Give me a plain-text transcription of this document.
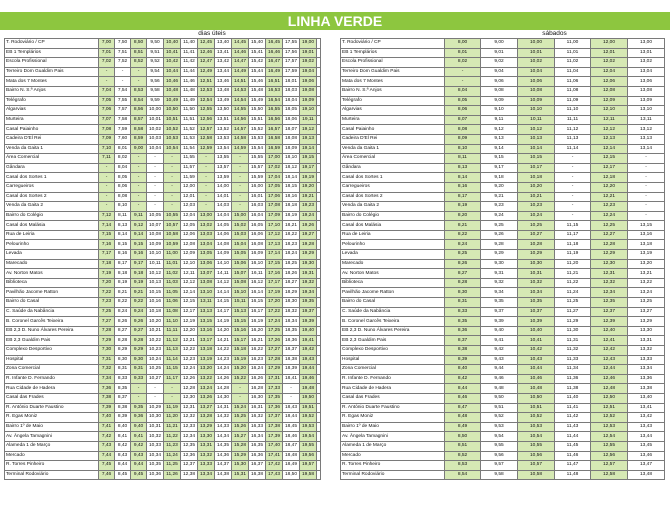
LINHA VERDE
dias úteis	sábados
T. Rodoviário / CP	7,00	7,50	8,50	9,50	10,40	11,40	12,45	13,40	14,45	15,40	16,45	17,55	19,00	
EB 1 Templários	7,01	7,51	8,51	9,51	10,41	11,41	12,46	13,41	14,46	15,41	16,46	17,56	19,01	
Escola Profissional	7,02	7,52	8,52	9,52	10,42	11,42	12,47	13,42	14,47	15,42	16,47	17,57	19,02	
Terreiro Dom Gualdim Pais	-	-	-	9,54	10,44	11,44	12,49	13,44	14,49	15,44	16,49	17,59	19,04	
Mata dos 7 Montes	-	-	-	9,56	10,46	11,46	12,51	13,46	14,51	15,46	16,51	18,01	19,06	
Bairro N. S.ª Anjos	7,04	7,54	8,53	9,58	10,48	11,48	12,53	13,48	14,53	15,48	16,53	18,03	19,08	
Telégrafo	7,05	7,55	8,54	9,59	10,49	11,49	12,54	13,49	14,54	15,49	16,54	18,04	19,09	
Algarvias	7,06	7,57	8,56	10,00	10,50	11,50	12,55	13,50	14,55	15,50	16,55	18,05	19,10	
Murteira	7,07	7,58	8,57	10,01	10,51	11,51	12,56	13,51	14,56	15,51	16,56	18,06	19,11	
Casal Paiainho	7,08	7,59	8,58	10,02	10,52	11,52	12,57	13,52	14,57	15,52	16,57	18,07	19,12	
Cadeira D'El Rei	7,09	7,60	8,59	10,03	10,53	11,53	12,58	13,53	14,58	15,53	16,58	18,08	19,13	
Venda da Gaita 1	7,10	8,01	9,00	10,04	10,54	11,54	12,59	13,54	14,59	15,54	16,59	18,09	19,14	
Área Comercial	7,11	8,02	-	-	-	11,55	-	13,55	-	15,55	17,00	18,10	19,15	
Gândara	-	8,04	-	-	-	11,57	-	13,57	-	15,57	17,02	18,12	19,17	
Casal dos Sortes 1	-	8,05	-	-	-	11,59	-	13,59	-	15,59	17,04	18,14	19,19	
Carregueiros	-	8,06	-	-	-	12,00	-	14,00	-	16,00	17,05	18,15	19,20	
Casal dos Sortes 2	-	8,08	-	-	-	12,01	-	14,01	-	16,01	17,06	18,16	19,21	
Venda da Gaita 2	-	8,10	-	-	-	12,03	-	14,03	-	16,03	17,08	18,18	19,23	
Bairro do Colégio	7,12	8,11	9,11	10,05	10,55	12,04	13,00	14,04	15,00	16,04	17,09	18,19	19,24	
Casal dos Malásia	7,14	8,13	9,12	10,07	10,57	12,05	13,02	14,05	15,02	16,05	17,10	18,21	19,26	
Rua de Leiria	7,15	8,14	9,14	10,08	10,58	12,06	13,03	14,06	15,03	16,06	17,12	18,22	19,27	
Pelourinho	7,16	8,15	9,15	10,09	10,59	12,08	13,04	14,08	15,04	16,08	17,13	18,23	19,28	
Levada	7,17	8,16	9,16	10,10	11,00	12,09	13,05	14,09	15,05	16,09	17,14	18,24	19,29	
Marecado	7,18	8,17	9,17	10,11	11,01	12,10	13,06	14,10	15,06	16,10	17,15	18,25	19,30	
Av. Norton Matos	7,19	8,18	9,18	10,12	11,02	12,11	13,07	14,11	15,07	16,11	17,16	18,26	19,31	
Biblioteca	7,20	8,19	9,19	10,13	11,03	12,12	13,08	14,12	15,08	16,12	17,17	18,27	19,32	
Pavilhão Jacome Ratton	7,22	8,21	9,21	10,15	11,05	12,14	13,10	14,14	15,10	16,14	17,19	18,29	19,34	
Bairro do Casal	7,23	8,22	9,22	10,16	11,06	12,15	13,11	14,15	15,11	16,15	17,20	18,30	19,35	
C. Saúde da Nabância	7,25	8,24	9,24	10,18	11,08	12,17	13,13	14,17	15,13	16,17	17,22	18,32	19,37	
B. Coronel Garcês Teixeira	7,27	8,26	9,26	10,20	11,10	12,19	13,15	14,19	15,15	16,19	17,24	18,34	19,39	
EB 2,3 D. Nuno Álvares Pereira	7,28	8,27	9,27	10,21	11,11	12,20	13,16	14,20	15,16	16,20	17,25	18,35	19,40	
EB 2,3 Gualdim Pais	7,29	8,28	9,28	10,22	11,12	12,21	13,17	14,21	15,17	16,21	17,26	18,36	19,41	
Complexo Desportivo	7,30	8,29	9,29	10,23	11,13	12,22	13,18	14,22	15,18	16,22	17,27	18,37	19,42	
Hospital	7,31	8,30	9,30	10,24	11,14	12,23	13,19	14,23	15,19	16,23	17,28	18,38	19,43	
Zona Comercial	7,32	8,31	9,31	10,25	11,15	12,24	13,20	14,24	15,20	16,24	17,29	18,39	19,44	
R. Infante D. Fernando	7,34	8,33	9,33	10,27	11,17	12,26	13,22	14,26	15,22	16,26	17,31	18,41	19,46	
Rua Cidade de Hadera	7,36	8,35	-	-	-	12,28	13,24	14,28	-	16,28	17,33	-	19,48	
Casal das Frades	7,38	8,37	-	-	-	12,30	13,26	14,30	-	16,30	17,35	-	19,50	
R. António Duarte Faustino	7,39	8,38	9,35	10,29	11,19	12,31	13,27	14,31	15,24	16,31	17,36	18,43	19,51	
R. Egas Moniz	7,40	8,39	9,36	10,30	11,20	12,32	13,28	14,32	15,25	16,32	17,37	18,44	19,52	
Bairro 1º de Maio	7,41	8,40	9,40	10,31	11,21	12,33	13,29	14,33	15,26	16,33	17,38	18,45	19,53	
Av. Ângela Tamagnini	7,42	8,41	9,41	10,32	11,22	12,34	13,30	14,34	15,27	16,34	17,39	18,46	19,54	
Alameda 1 de Março	7,43	8,42	9,42	10,33	11,23	12,35	13,31	14,35	15,28	16,35	17,40	18,47	19,55	
Mercado	7,44	8,43	9,43	10,34	11,24	12,36	13,32	14,36	15,29	16,36	17,41	18,48	19,56	
R. Torres Pinheiro	7,45	8,44	9,44	10,35	11,25	12,37	13,33	14,37	15,30	16,37	17,42	18,49	19,57	
Terminal Rodoviário	7,46	8,45	9,45	10,36	11,26	12,38	13,34	14,38	15,31	16,38	17,43	18,50	19,58	
T. Rodoviário / CP	8,00	9,00	10,00	11,00	12,00	13,00
EB 1 Templários	8,01	9,01	10,01	11,01	12,01	13,01
Escola Profissional	8,02	9,02	10,02	11,02	12,02	13,02
Terreiro Dom Gualdim Pais	-	9,04	10,04	11,04	12,04	13,04
Mata dos 7 Montes	-	9,06	10,06	11,06	12,06	13,06
Bairro N. S.ª Anjos	8,04	9,08	10,08	11,08	12,08	13,08
Telégrafo	8,05	9,09	10,09	11,09	12,09	13,09
Algarvias	8,06	9,10	10,10	11,10	12,10	13,10
Murteira	8,07	9,11	10,11	11,11	12,11	13,11
Casal Paiainho	8,08	9,12	10,12	11,12	12,12	13,12
Cadeira D'El Rei	8,09	9,13	10,13	11,13	12,13	13,13
Venda da Gaita 1	8,10	9,14	10,14	11,14	12,14	13,14
Área Comercial	8,11	9,15	10,15	-	12,15	-
Gândara	8,13	9,17	10,17	-	12,17	-
Casal dos Sortes 1	8,14	9,18	10,18	-	12,18	-
Carregueiros	8,16	9,20	10,20	-	12,20	-
Casal dos Sortes 2	8,17	9,21	10,21	-	12,21	-
Venda da Gaita 2	8,19	9,23	10,23	-	12,23	-
Bairro do Colégio	8,20	9,24	10,24	-	12,24	-
Casal dos Malásia	8,21	9,25	10,25	11,15	12,25	13,15
Rua de Leiria	8,22	9,26	10,27	11,17	12,27	13,16
Pelourinho	8,24	9,28	10,28	11,18	12,28	13,18
Levada	8,25	9,29	10,29	11,19	12,29	13,19
Marecado	8,26	9,30	10,30	11,20	12,30	13,20
Av. Norton Matos	8,27	9,31	10,31	11,21	12,31	13,21
Biblioteca	8,28	9,32	10,32	11,22	12,32	13,22
Pavilhão Jacome Ratton	8,30	9,34	10,34	11,24	12,34	13,24
Bairro do Casal	8,31	9,35	10,35	11,25	12,35	13,25
C. Saúde da Nabância	8,33	9,37	10,37	11,27	12,37	13,27
B. Coronel Garcês Teixeira	8,35	9,39	10,39	11,29	12,39	13,29
EB 2,3 D. Nuno Álvares Pereira	8,36	9,40	10,40	11,30	12,40	13,30
EB 2,3 Gualdim Pais	8,37	9,41	10,41	11,31	12,41	13,31
Complexo Desportivo	8,38	9,42	10,42	11,32	12,42	13,32
Hospital	8,39	9,43	10,43	11,33	12,43	13,33
Zona Comercial	8,40	9,44	10,44	11,34	12,44	13,34
R. Infante D. Fernando	8,42	9,46	10,46	11,36	12,46	13,36
Rua Cidade de Hadera	8,44	9,48	10,48	11,38	12,48	13,38
Casal das Frades	8,46	9,50	10,50	11,40	12,50	13,40
R. António Duarte Faustino	8,47	9,51	10,51	11,41	12,51	13,41
R. Egas Moniz	8,48	9,52	10,52	11,42	12,52	13,42
Bairro 1º de Maio	8,49	9,53	10,53	11,43	12,53	13,43
Av. Ângela Tamagnini	8,50	9,54	10,54	11,44	12,54	13,44
Alameda 1 de Março	8,51	9,55	10,55	11,45	12,55	13,45
Mercado	8,52	9,56	10,56	11,46	12,56	13,46
R. Torres Pinheiro	8,53	9,57	10,57	11,47	12,57	13,47
Terminal Rodoviário	8,54	9,58	10,58	11,48	12,58	13,48
